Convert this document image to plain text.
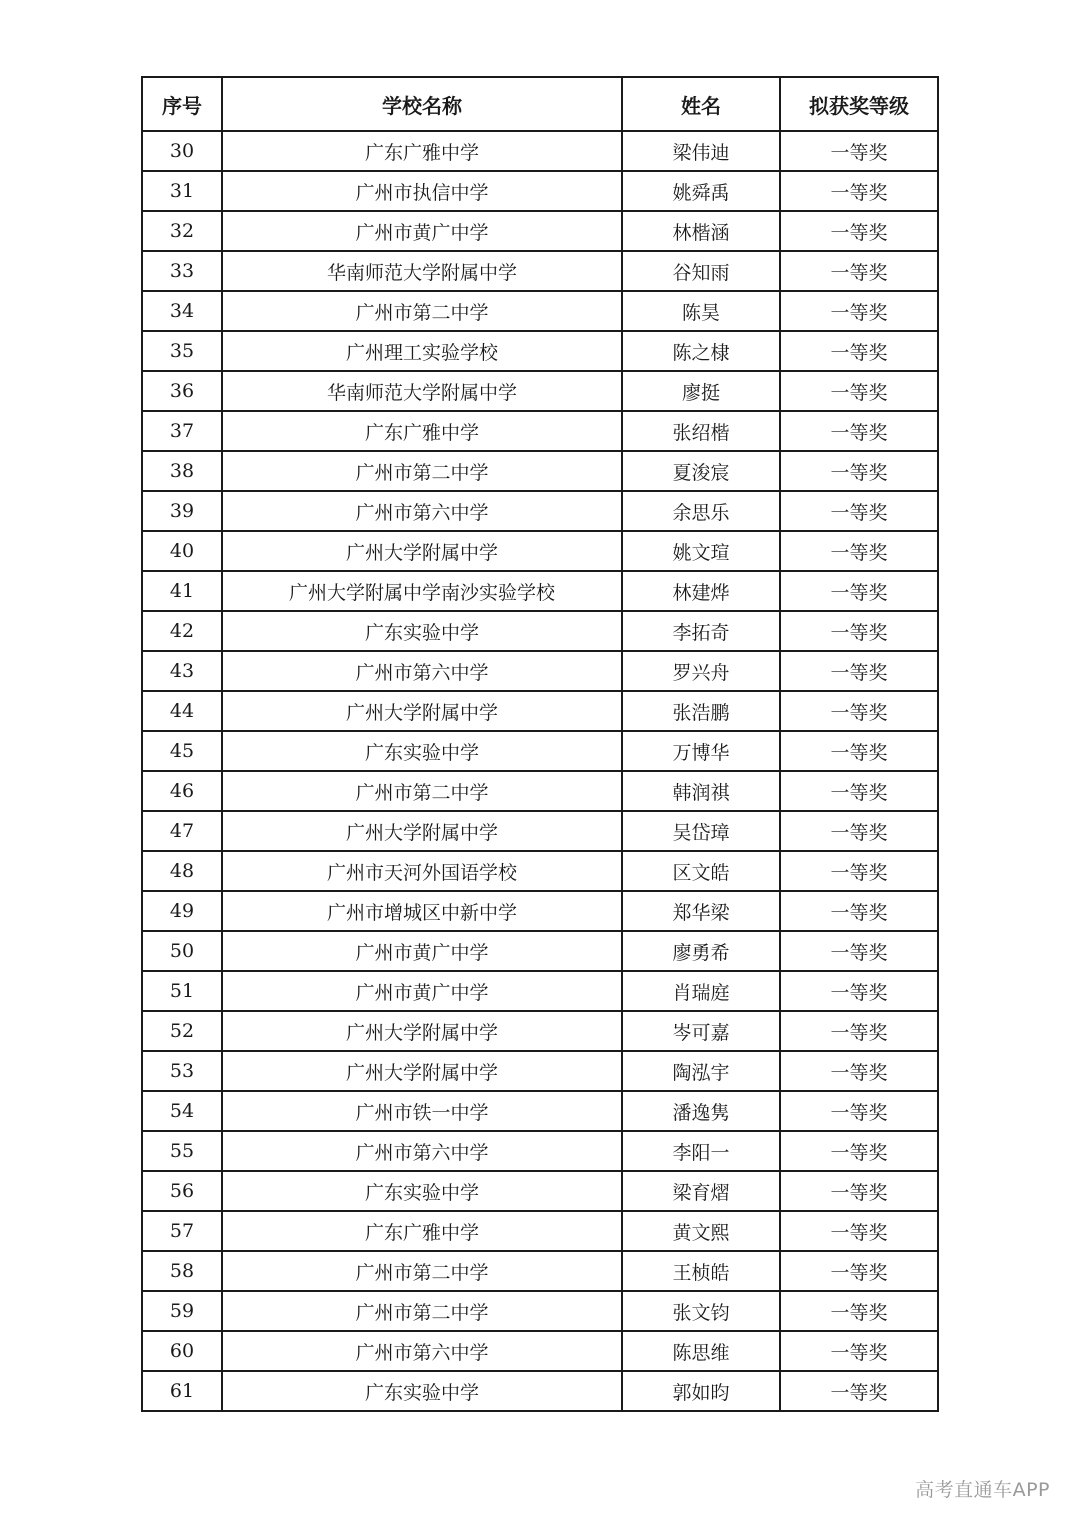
序号	学校名称	姓名	拟获奖等级
30	广东广雅中学	梁伟迪	一等奖
31	广州市执信中学	姚舜禹	一等奖
32	广州市黄广中学	林楷涵	一等奖
33	华南师范大学附属中学	谷知雨	一等奖
34	广州市第二中学	陈昊	一等奖
35	广州理工实验学校	陈之棣	一等奖
36	华南师范大学附属中学	廖挺	一等奖
37	广东广雅中学	张绍楷	一等奖
38	广州市第二中学	夏浚宸	一等奖
39	广州市第六中学	余思乐	一等奖
40	广州大学附属中学	姚文瑄	一等奖
41	广州大学附属中学南沙实验学校	林建烨	一等奖
42	广东实验中学	李拓奇	一等奖
43	广州市第六中学	罗兴舟	一等奖
44	广州大学附属中学	张浩鹏	一等奖
45	广东实验中学	万博华	一等奖
46	广州市第二中学	韩润祺	一等奖
47	广州大学附属中学	吴岱璋	一等奖
48	广州市天河外国语学校	区文皓	一等奖
49	广州市增城区中新中学	郑华梁	一等奖
50	广州市黄广中学	廖勇希	一等奖
51	广州市黄广中学	肖瑞庭	一等奖
52	广州大学附属中学	岑可嘉	一等奖
53	广州大学附属中学	陶泓宇	一等奖
54	广州市铁一中学	潘逸隽	一等奖
55	广州市第六中学	李阳一	一等奖
56	广东实验中学	梁育熠	一等奖
57	广东广雅中学	黄文熙	一等奖
58	广州市第二中学	王桢皓	一等奖
59	广州市第二中学	张文钧	一等奖
60	广州市第六中学	陈思维	一等奖
61	广东实验中学	郭如昀	一等奖
高考直通车APP
